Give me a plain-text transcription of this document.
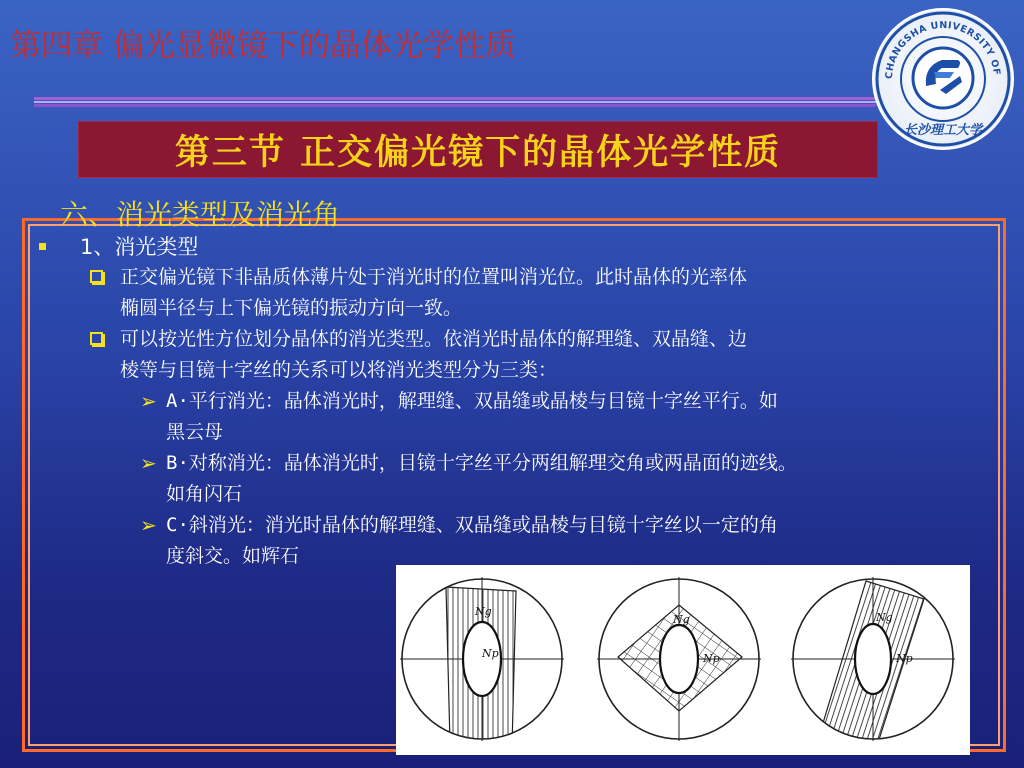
第四章 偏光显微镜下的晶体光学性质
CHANGSHA UNIVERSITY OF
长沙理工大学
第三节 正交偏光镜下的晶体光学性质
六、消光类型及消光角
1、消光类型
正交偏光镜下非晶质体薄片处于消光时的位置叫消光位。此时晶体的光率体
椭圆半径与上下偏光镜的振动方向一致。
可以按光性方位划分晶体的消光类型。依消光时晶体的解理缝、双晶缝、边
棱等与目镜十字丝的关系可以将消光类型分为三类：
➢ A·平行消光：晶体消光时，解理缝、双晶缝或晶棱与目镜十字丝平行。如
黑云母
➢ B·对称消光：晶体消光时，目镜十字丝平分两组解理交角或两晶面的迹线。
如角闪石
➢ C·斜消光：消光时晶体的解理缝、双晶缝或晶棱与目镜十字丝以一定的角
度斜交。如辉石
Ng
Np
Ng
Np
Ng
Np
